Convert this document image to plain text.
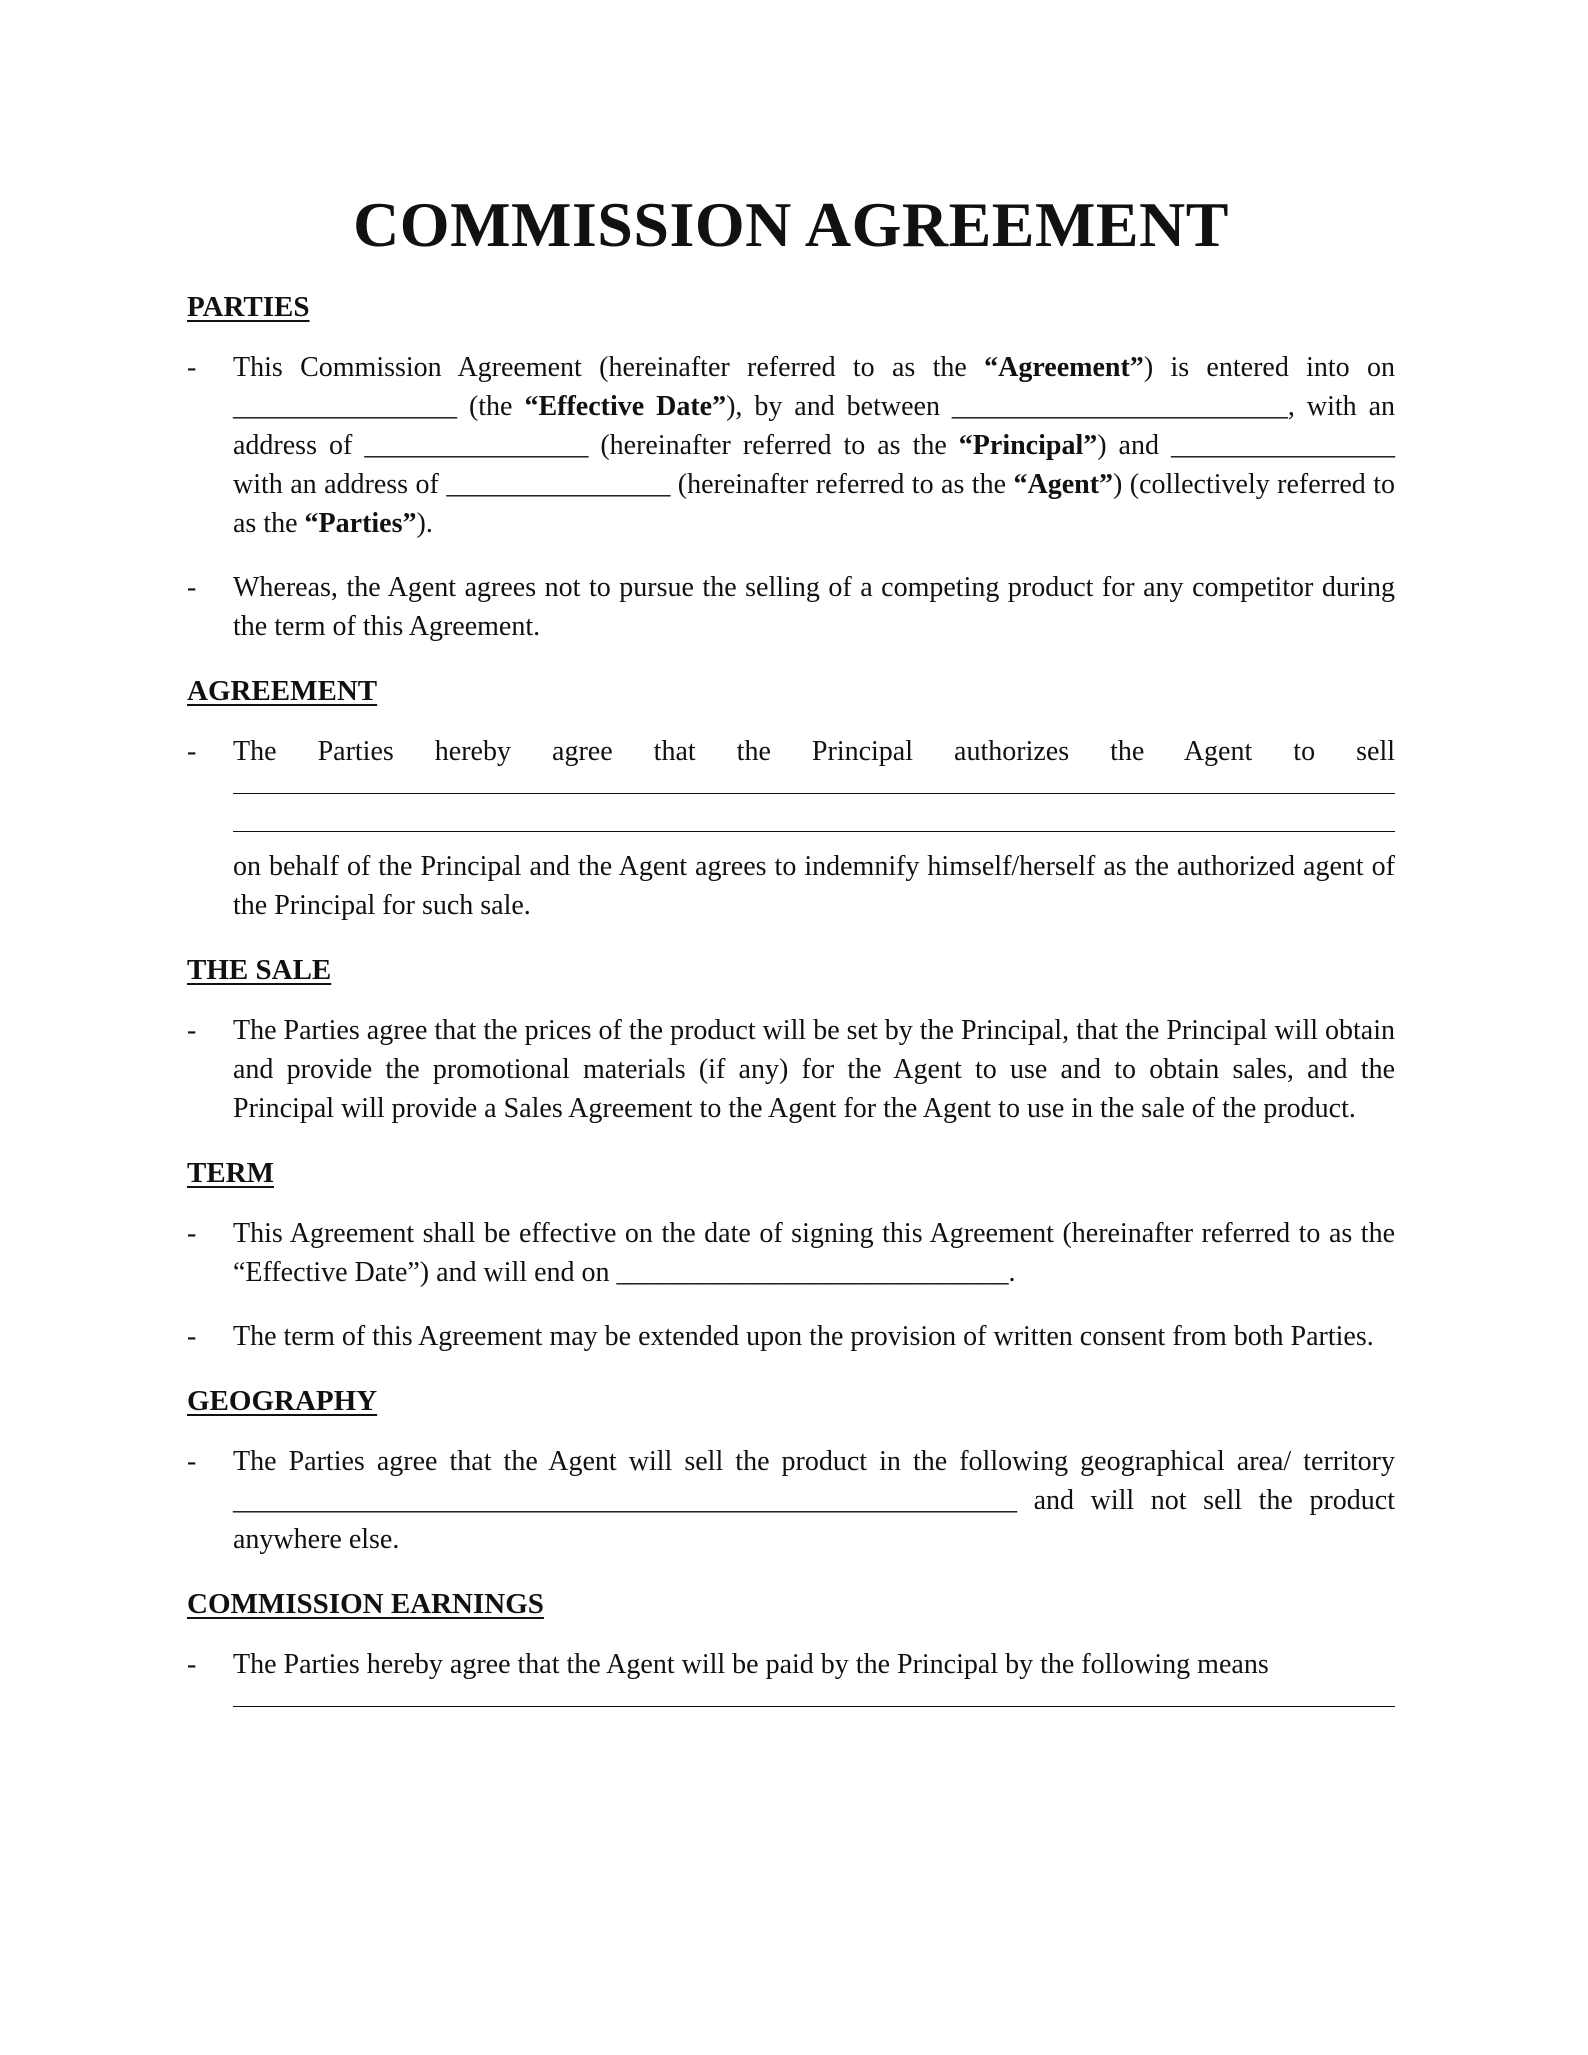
COMMISSION AGREEMENT
PARTIES
-	This Commission Agreement (hereinafter referred to as the “Agreement”) is entered into on ________________ (the “Effective Date”), by and between ________________________, with an address of ________________ (hereinafter referred to as the “Principal”) and ________________ with an address of ________________ (hereinafter referred to as the “Agent”) (collectively referred to as the “Parties”).
-	Whereas, the Agent agrees not to pursue the selling of a competing product for any competitor during the term of this Agreement.
AGREEMENT
-	The Parties hereby agree that the Principal authorizes the Agent to sell
on behalf of the Principal and the Agent agrees to indemnify himself/herself as the authorized agent of the Principal for such sale.
THE SALE
-	The Parties agree that the prices of the product will be set by the Principal, that the Principal will obtain and provide the promotional materials (if any) for the Agent to use and to obtain sales, and the Principal will provide a Sales Agreement to the Agent for the Agent to use in the sale of the product.
TERM
-	This Agreement shall be effective on the date of signing this Agreement (hereinafter referred to as the “Effective Date”) and will end on ____________________________.
-	The term of this Agreement may be extended upon the provision of written consent from both Parties.
GEOGRAPHY
-	The Parties agree that the Agent will sell the product in the following geographical area/ territory ________________________________________________________ and will not sell the product anywhere else.
COMMISSION EARNINGS
-	The Parties hereby agree that the Agent will be paid by the Principal by the following means
